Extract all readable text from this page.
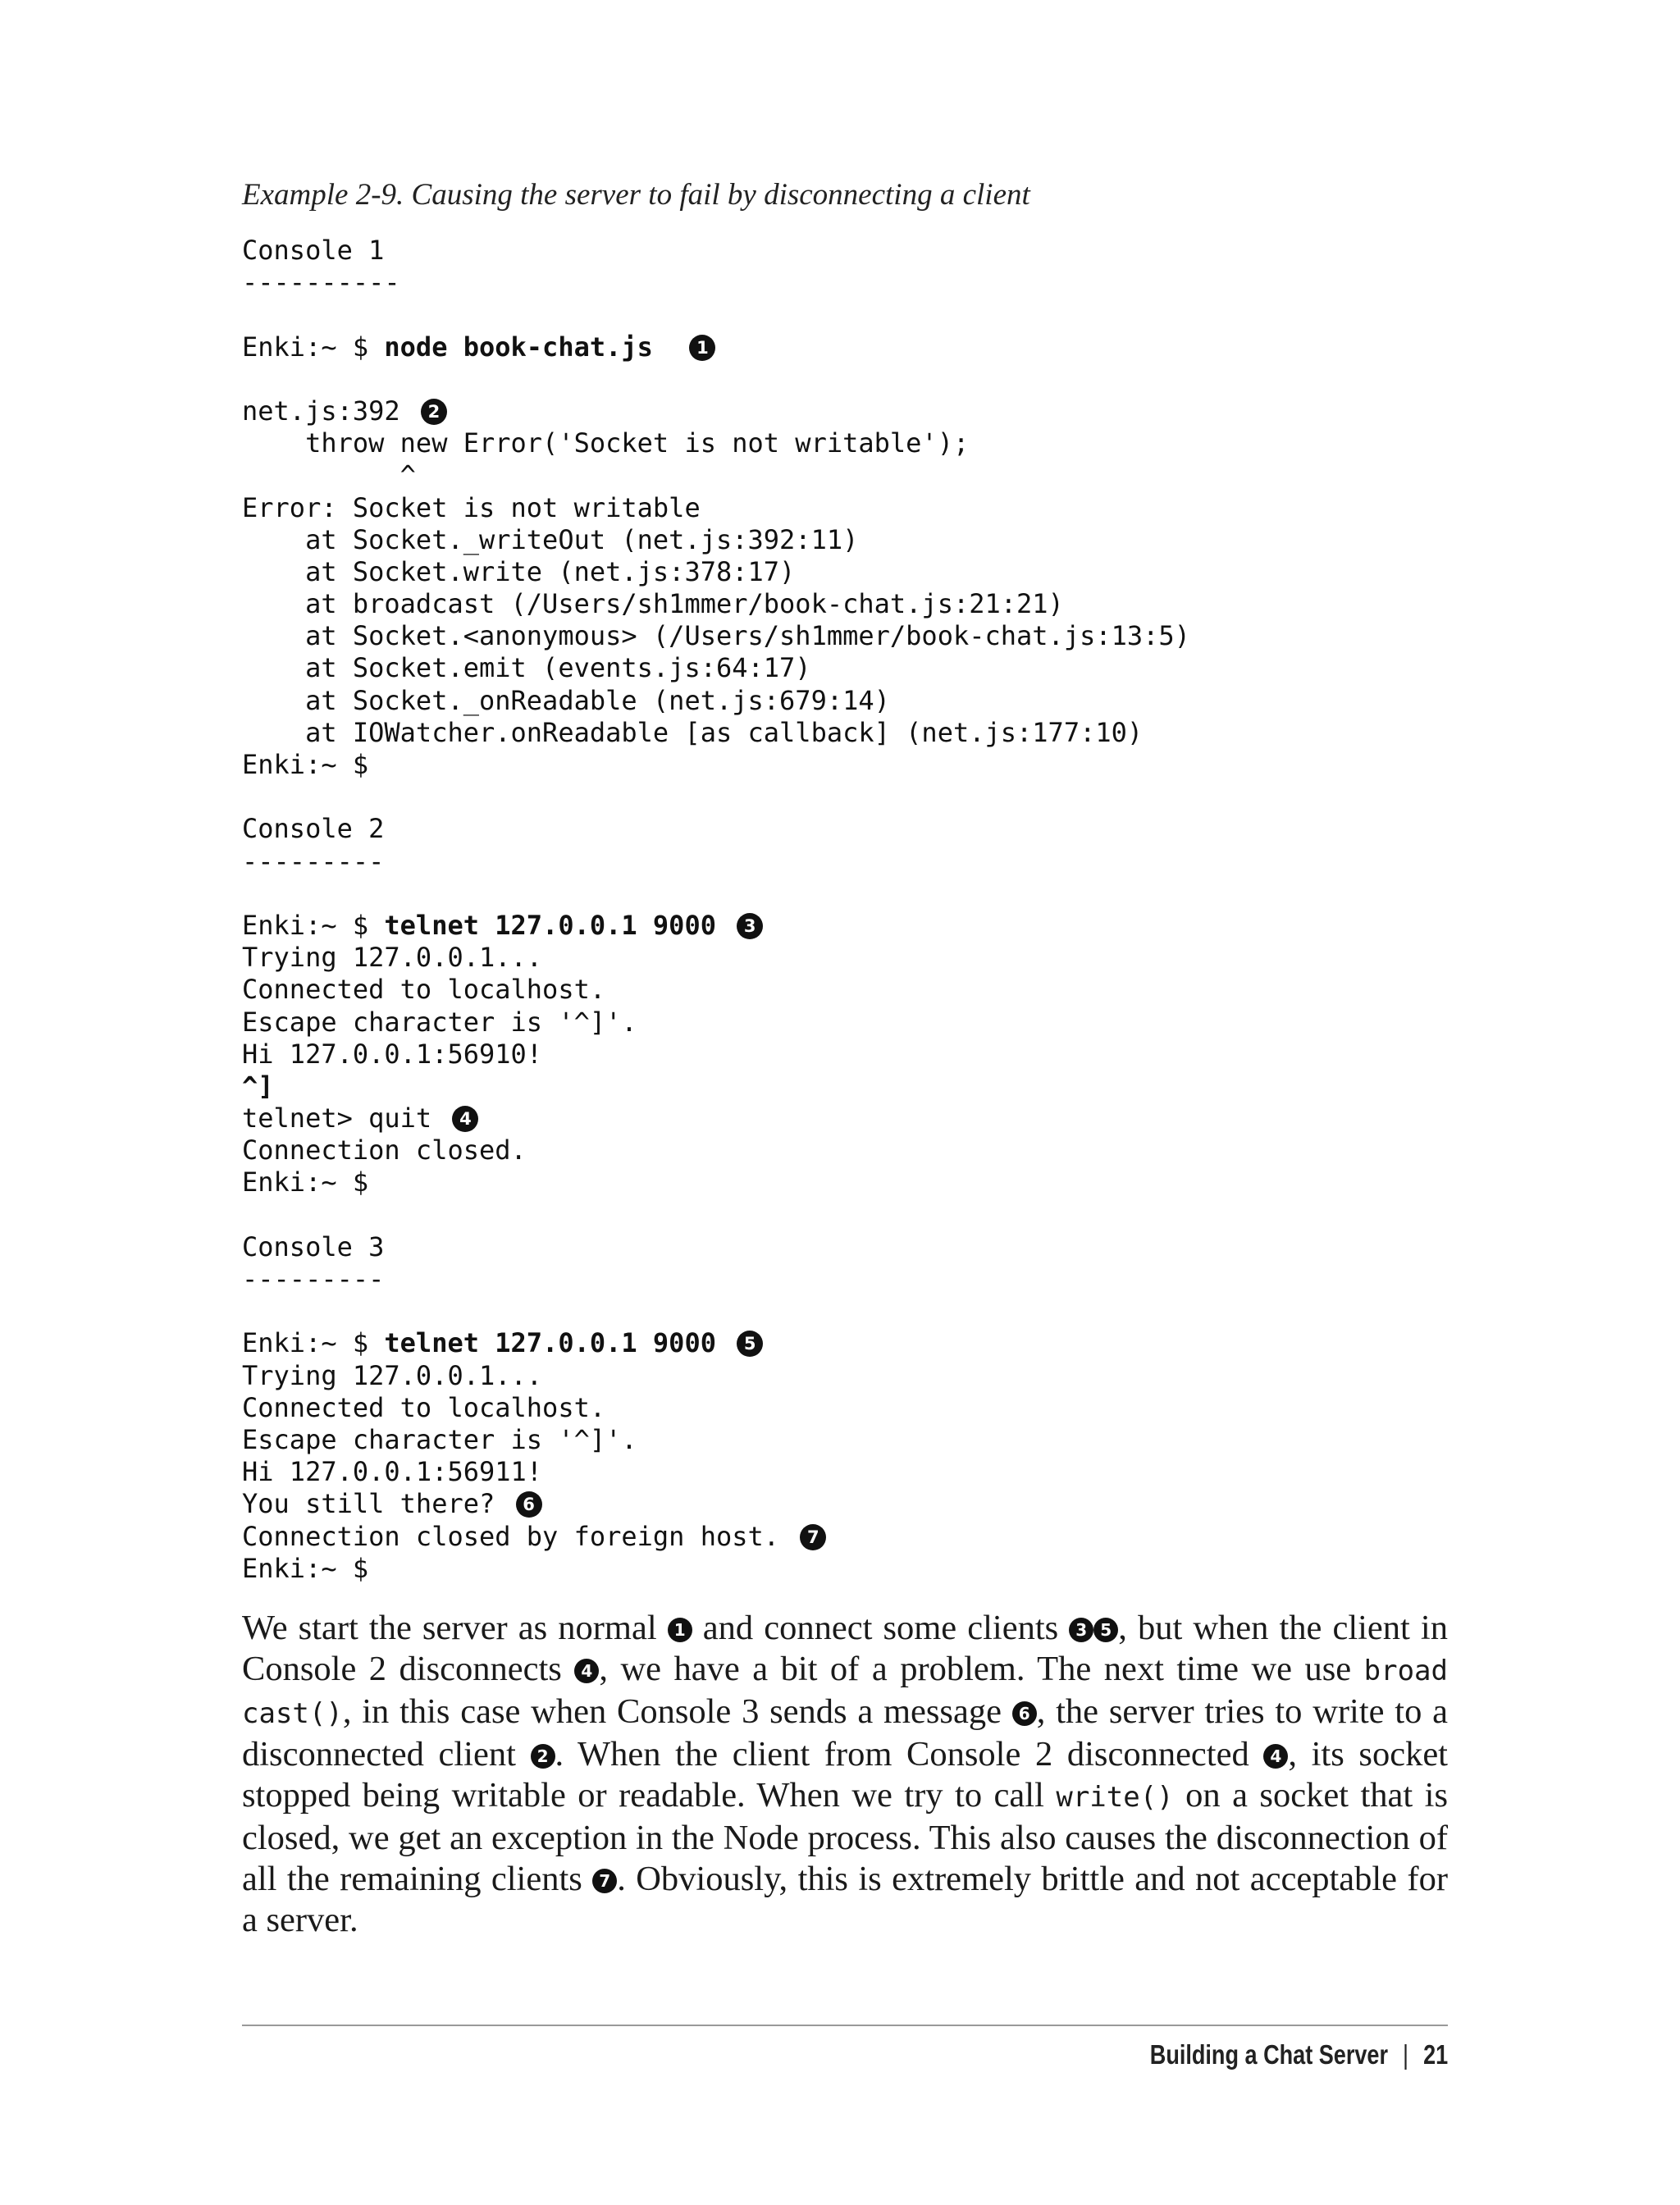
Example 2-9. Causing the server to fail by disconnecting a client
Console 1
----------
Enki:~ $ node book-chat.js	1
net.js:392 2
throw new Error('Socket is not writable');
^
Error: Socket is not writable
at Socket._writeOut (net.js:392:11)
at Socket.write (net.js:378:17)
at broadcast (/Users/sh1mmer/book-chat.js:21:21)
at Socket.<anonymous> (/Users/sh1mmer/book-chat.js:13:5)
at Socket.emit (events.js:64:17)
at Socket._onReadable (net.js:679:14)
at IOWatcher.onReadable [as callback] (net.js:177:10)
Enki:~ $
Console 2
---------
Enki:~ $ telnet 127.0.0.1 9000 3
Trying 127.0.0.1...
Connected to localhost.
Escape character is '^]'.
Hi 127.0.0.1:56910!
^]
telnet> quit 4
Connection closed.
Enki:~ $
Console 3
---------
Enki:~ $ telnet 127.0.0.1 9000 5
Trying 127.0.0.1...
Connected to localhost.
Escape character is '^]'.
Hi 127.0.0.1:56911!
You still there? 6
Connection closed by foreign host. 7
Enki:~ $

We start the server as normal 1 and connect some clients 3 5 , but when the client in Console 2 disconnects 4 , we have a bit of a problem. The next time we use broad cast(), in this case when Console 3 sends a message 6 , the server tries to write to a disconnected client 2 . When the client from Console 2 disconnected 4 , its socket stopped being writable or readable. When we try to call write() on a socket that is closed, we get an exception in the Node process. This also causes the disconnection of all the remaining clients 7 . Obviously, this is extremely brittle and not acceptable for a server.

Building a Chat Server | 21
